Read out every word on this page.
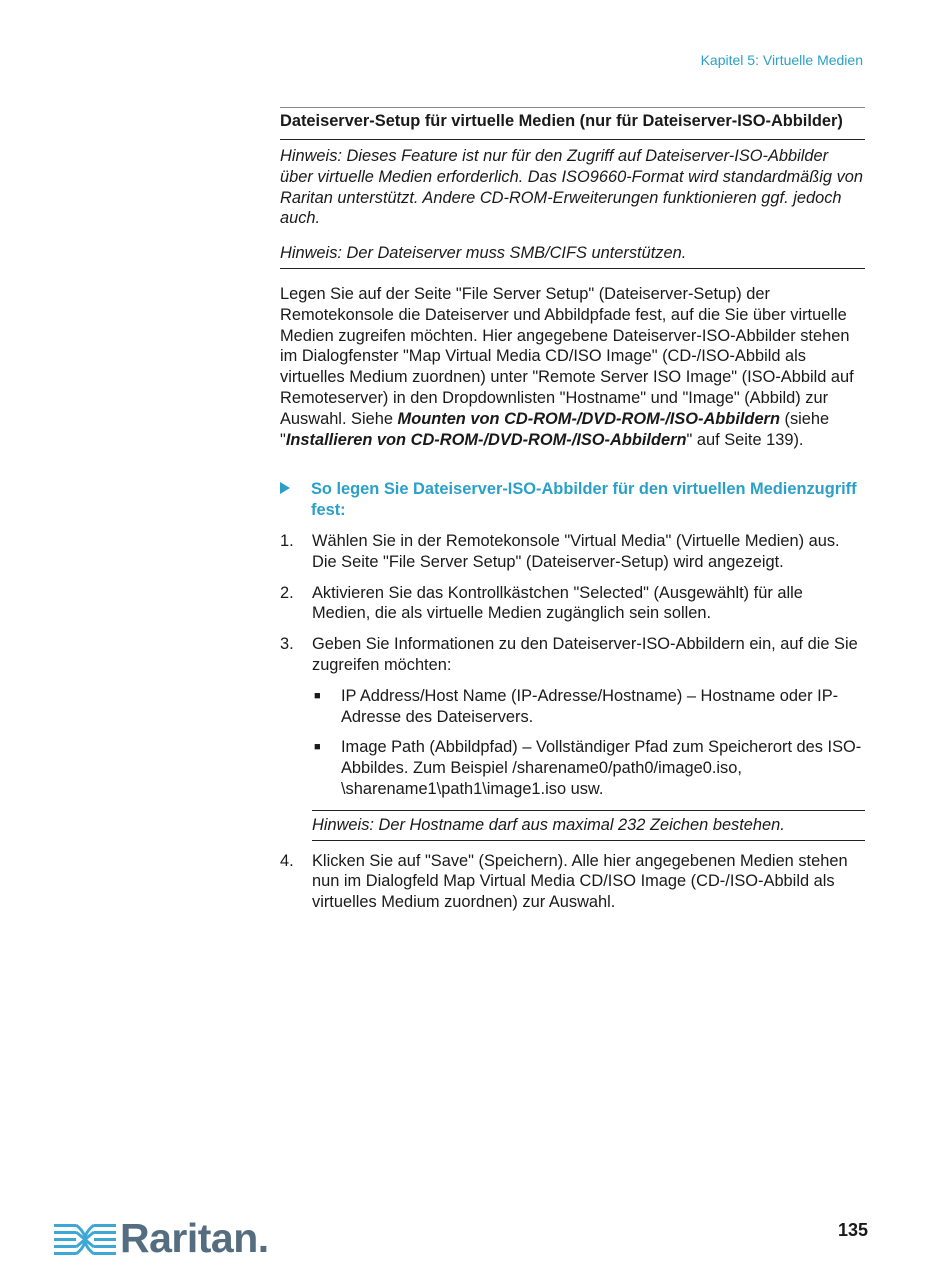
Kapitel 5: Virtuelle Medien
Dateiserver-Setup für virtuelle Medien (nur für Dateiserver-ISO-Abbilder)

Hinweis: Dieses Feature ist nur für den Zugriff auf Dateiserver-ISO-Abbilder über virtuelle Medien erforderlich. Das ISO9660-Format wird standardmäßig von Raritan unterstützt. Andere CD-ROM-Erweiterungen funktionieren ggf. jedoch auch.

Hinweis: Der Dateiserver muss SMB/CIFS unterstützen.

Legen Sie auf der Seite "File Server Setup" (Dateiserver-Setup) der Remotekonsole die Dateiserver und Abbildpfade fest, auf die Sie über virtuelle Medien zugreifen möchten. Hier angegebene Dateiserver-ISO-Abbilder stehen im Dialogfenster "Map Virtual Media CD/ISO Image" (CD-/ISO-Abbild als virtuelles Medium zuordnen) unter "Remote Server ISO Image" (ISO-Abbild auf Remoteserver) in den Dropdownlisten "Hostname" und "Image" (Abbild) zur Auswahl. Siehe Mounten von CD-ROM-/DVD-ROM-/ISO-Abbildern (siehe "Installieren von CD-ROM-/DVD-ROM-/ISO-Abbildern" auf Seite 139).

So legen Sie Dateiserver-ISO-Abbilder für den virtuellen Medienzugriff fest:
1. Wählen Sie in der Remotekonsole "Virtual Media" (Virtuelle Medien) aus. Die Seite "File Server Setup" (Dateiserver-Setup) wird angezeigt.
2. Aktivieren Sie das Kontrollkästchen "Selected" (Ausgewählt) für alle Medien, die als virtuelle Medien zugänglich sein sollen.
3. Geben Sie Informationen zu den Dateiserver-ISO-Abbildern ein, auf die Sie zugreifen möchten:
■ IP Address/Host Name (IP-Adresse/Hostname) – Hostname oder IP-Adresse des Dateiservers.
■ Image Path (Abbildpfad) – Vollständiger Pfad zum Speicherort des ISO-Abbildes. Zum Beispiel /sharename0/path0/image0.iso, \sharename1\path1\image1.iso usw.
Hinweis: Der Hostname darf aus maximal 232 Zeichen bestehen.
4. Klicken Sie auf "Save" (Speichern). Alle hier angegebenen Medien stehen nun im Dialogfeld Map Virtual Media CD/ISO Image (CD-/ISO-Abbild als virtuelles Medium zuordnen) zur Auswahl.
Raritan.	135
